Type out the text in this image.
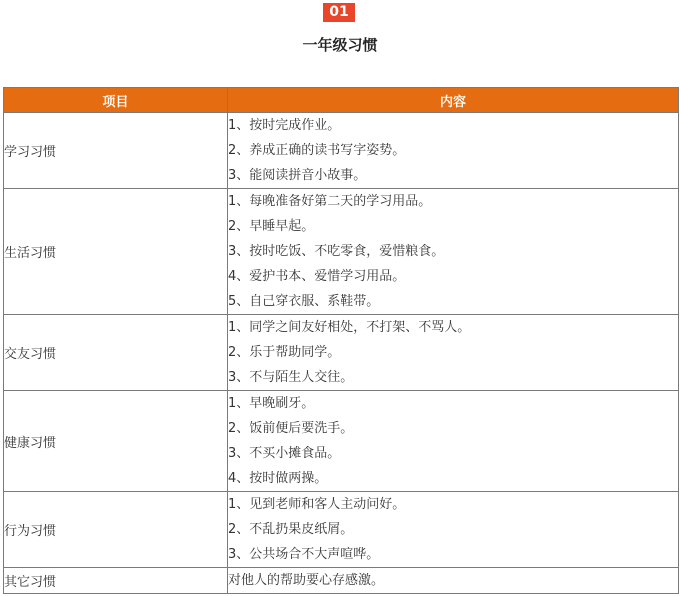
01
一年级习惯
项目	内容
学习习惯	1、按时完成作业。
2、养成正确的读书写字姿势。
3、能阅读拼音小故事。

生活习惯	1、每晚准备好第二天的学习用品。
2、早睡早起。
3、按时吃饭、不吃零食，爱惜粮食。
4、爱护书本、爱惜学习用品。
5、自己穿衣服、系鞋带。

交友习惯	1、同学之间友好相处，不打架、不骂人。
2、乐于帮助同学。
3、不与陌生人交往。

健康习惯	1、早晚刷牙。
2、饭前便后要洗手。
3、不买小摊食品。
4、按时做两操。

行为习惯	1、见到老师和客人主动问好。
2、不乱扔果皮纸屑。
3、公共场合不大声喧哗。

其它习惯	对他人的帮助要心存感激。
